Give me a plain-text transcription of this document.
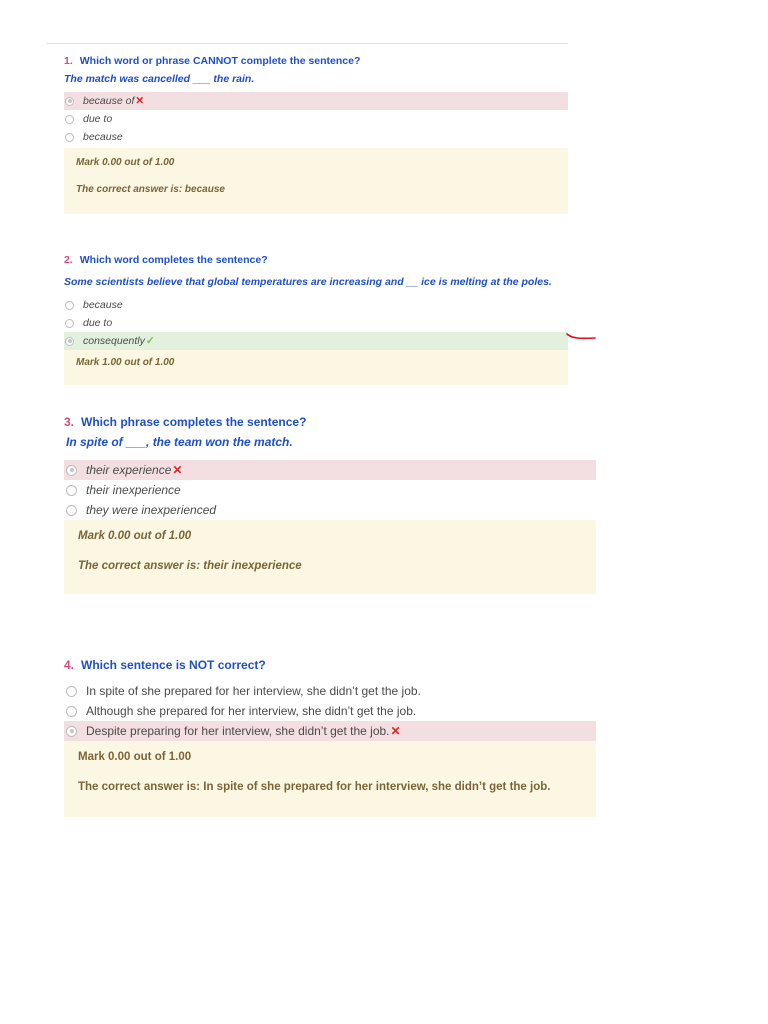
1. Which word or phrase CANNOT complete the sentence?
The match was cancelled ___ the rain.
because of ✕
due to
because
Mark 0.00 out of 1.00
The correct answer is: because
2. Which word completes the sentence?
Some scientists believe that global temperatures are increasing and __ ice is melting at the poles.
because
due to
consequently ✓
Mark 1.00 out of 1.00
3. Which phrase completes the sentence?
In spite of ___, the team won the match.
their experience ✕
their inexperience
they were inexperienced
Mark 0.00 out of 1.00
The correct answer is: their inexperience
4. Which sentence is NOT correct?
In spite of she prepared for her interview, she didn’t get the job.
Although she prepared for her interview, she didn’t get the job.
Despite preparing for her interview, she didn’t get the job. ✕
Mark 0.00 out of 1.00
The correct answer is: In spite of she prepared for her interview, she didn’t get the job.
